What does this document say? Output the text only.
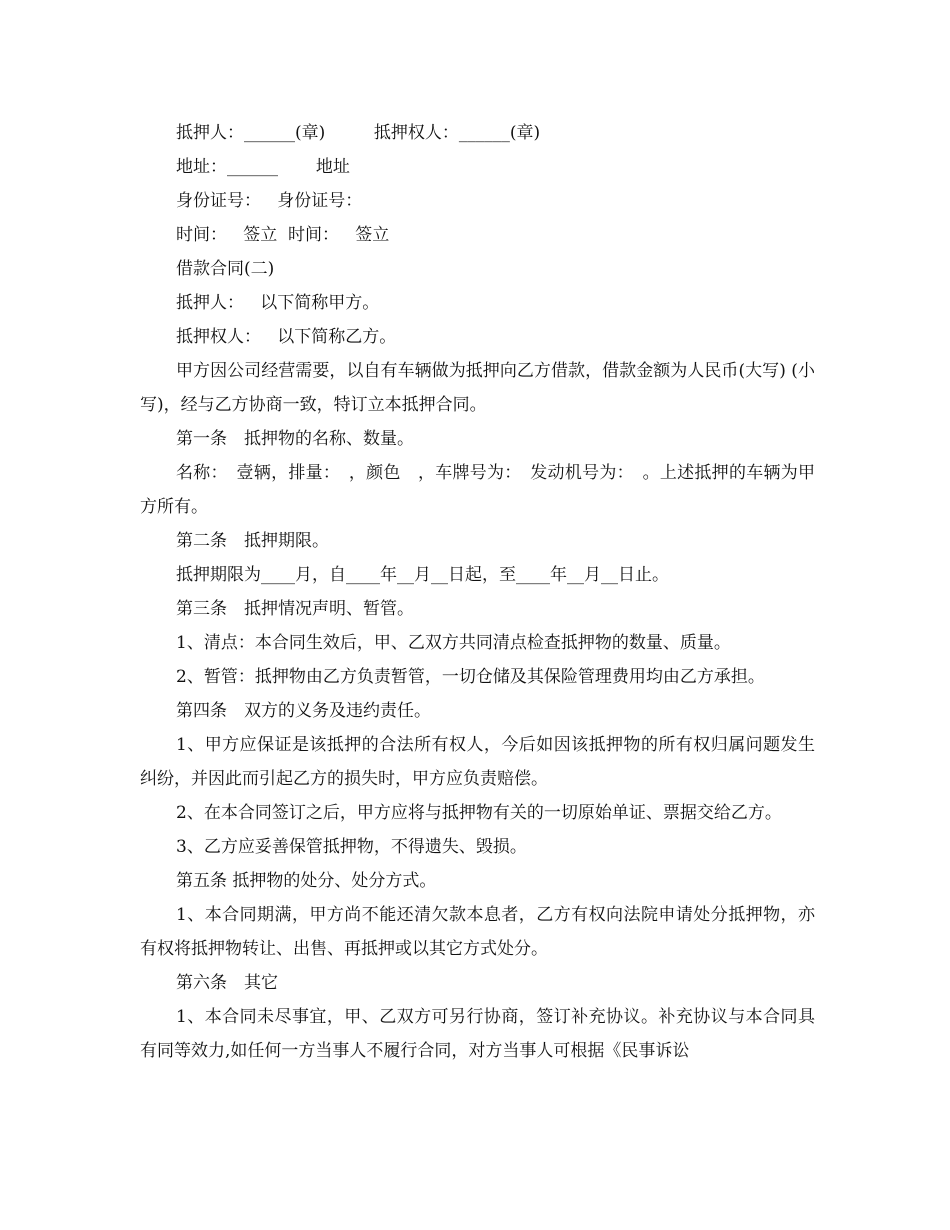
抵押人：______(章)         抵押权人：______(章)
地址：______       地址
身份证号：   身份证号：
时间：   签立  时间：   签立
借款合同(二)
抵押人：   以下简称甲方。
抵押权人：   以下简称乙方。
甲方因公司经营需要，以自有车辆做为抵押向乙方借款，借款金额为人民币(大写) (小写)，经与乙方协商一致，特订立本抵押合同。
第一条　抵押物的名称、数量。
名称：　壹辆，排量：　，颜色　，车牌号为：　发动机号为：　。上述抵押的车辆为甲方所有。
第二条　抵押期限。
抵押期限为____月，自____年__月__日起，至____年__月__日止。
第三条　抵押情况声明、暂管。
1、清点：本合同生效后，甲、乙双方共同清点检查抵押物的数量、质量。
2、暂管：抵押物由乙方负责暂管，一切仓储及其保险管理费用均由乙方承担。
第四条　双方的义务及违约责任。
1、甲方应保证是该抵押的合法所有权人，今后如因该抵押物的所有权归属问题发生纠纷，并因此而引起乙方的损失时，甲方应负责赔偿。
2、在本合同签订之后，甲方应将与抵押物有关的一切原始单证、票据交给乙方。
3、乙方应妥善保管抵押物，不得遗失、毁损。
第五条 抵押物的处分、处分方式。
1、本合同期满，甲方尚不能还清欠款本息者，乙方有权向法院申请处分抵押物，亦有权将抵押物转让、出售、再抵押或以其它方式处分。
第六条　其它
1、本合同未尽事宜，甲、乙双方可另行协商，签订补充协议。补充协议与本合同具有同等效力,如任何一方当事人不履行合同，对方当事人可根据《民事诉讼
